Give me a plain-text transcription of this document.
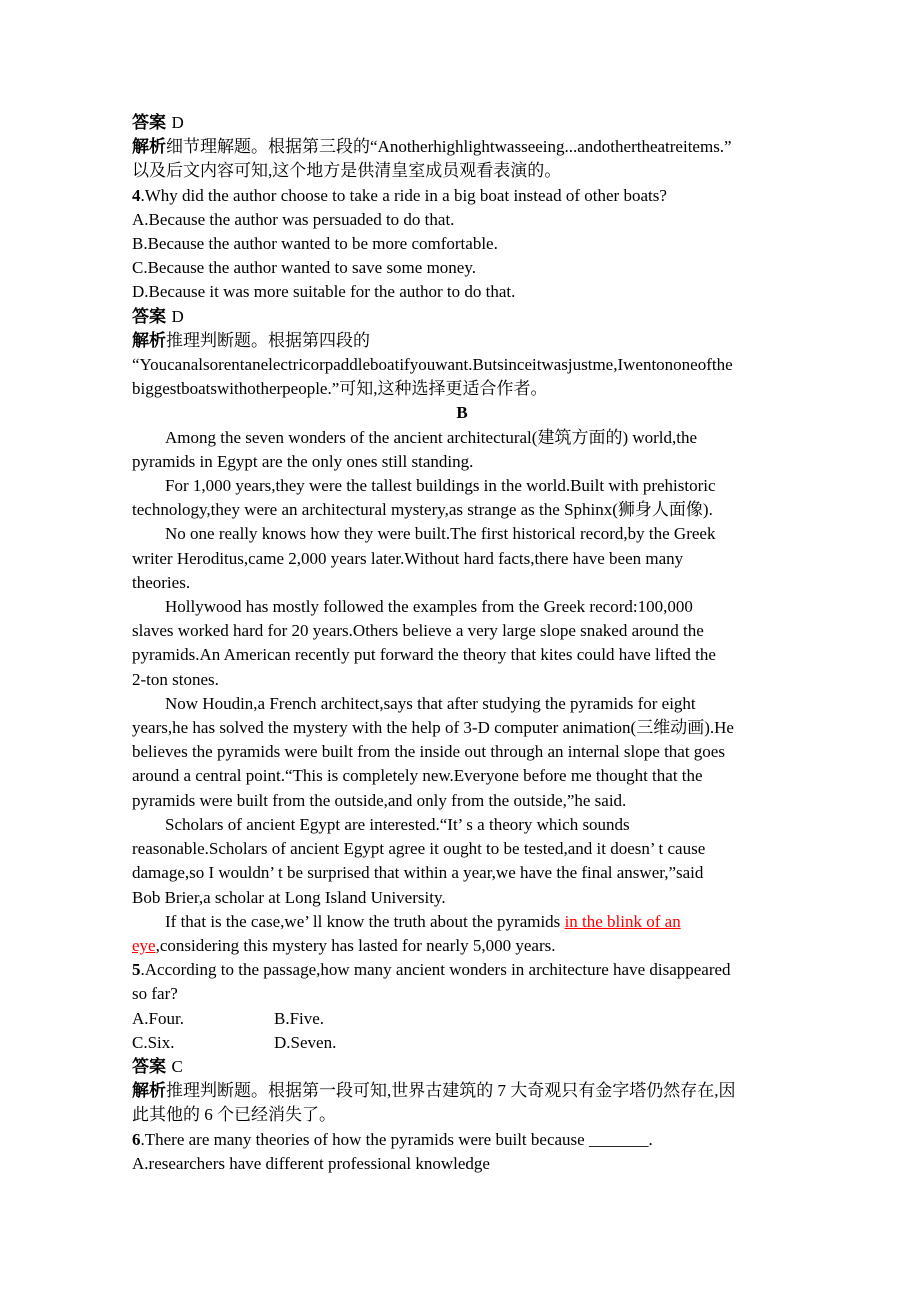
答案 D
解析细节理解题。根据第三段的“Anotherhighlightwasseeing...andothertheatreitems.”
以及后文内容可知,这个地方是供清皇室成员观看表演的。
4.Why did the author choose to take a ride in a big boat instead of other boats?
A.Because the author was persuaded to do that.
B.Because the author wanted to be more comfortable.
C.Because the author wanted to save some money.
D.Because it was more suitable for the author to do that.
答案 D
解析推理判断题。根据第四段的
“Youcanalsorentanelectricorpaddleboatifyouwant.Butsinceitwasjustme,Iwentononeofthe
biggestboatswithotherpeople.”可知,这种选择更适合作者。
B
Among the seven wonders of the ancient architectural(建筑方面的) world,the
pyramids in Egypt are the only ones still standing.
For 1,000 years,they were the tallest buildings in the world.Built with prehistoric
technology,they were an architectural mystery,as strange as the Sphinx(狮身人面像).
No one really knows how they were built.The first historical record,by the Greek
writer Heroditus,came 2,000 years later.Without hard facts,there have been many
theories.
Hollywood has mostly followed the examples from the Greek record:100,000
slaves worked hard for 20 years.Others believe a very large slope snaked around the
pyramids.An American recently put forward the theory that kites could have lifted the
2-ton stones.
Now Houdin,a French architect,says that after studying the pyramids for eight
years,he has solved the mystery with the help of 3-D computer animation(三维动画).He
believes the pyramids were built from the inside out through an internal slope that goes
around a central point.“This is completely new.Everyone before me thought that the
pyramids were built from the outside,and only from the outside,”he said.
Scholars of ancient Egypt are interested.“It’ s a theory which sounds
reasonable.Scholars of ancient Egypt agree it ought to be tested,and it doesn’ t cause
damage,so I wouldn’ t be surprised that within a year,we have the final answer,”said
Bob Brier,a scholar at Long Island University.
If that is the case,we’ ll know the truth about the pyramids in the blink of an
eye,considering this mystery has lasted for nearly 5,000 years.
5.According to the passage,how many ancient wonders in architecture have disappeared
so far?
A.Four.	B.Five.
C.Six.	D.Seven.
答案 C
解析推理判断题。根据第一段可知,世界古建筑的 7 大奇观只有金字塔仍然存在,因
此其他的 6 个已经消失了。
6.There are many theories of how the pyramids were built because _______.
A.researchers have different professional knowledge
